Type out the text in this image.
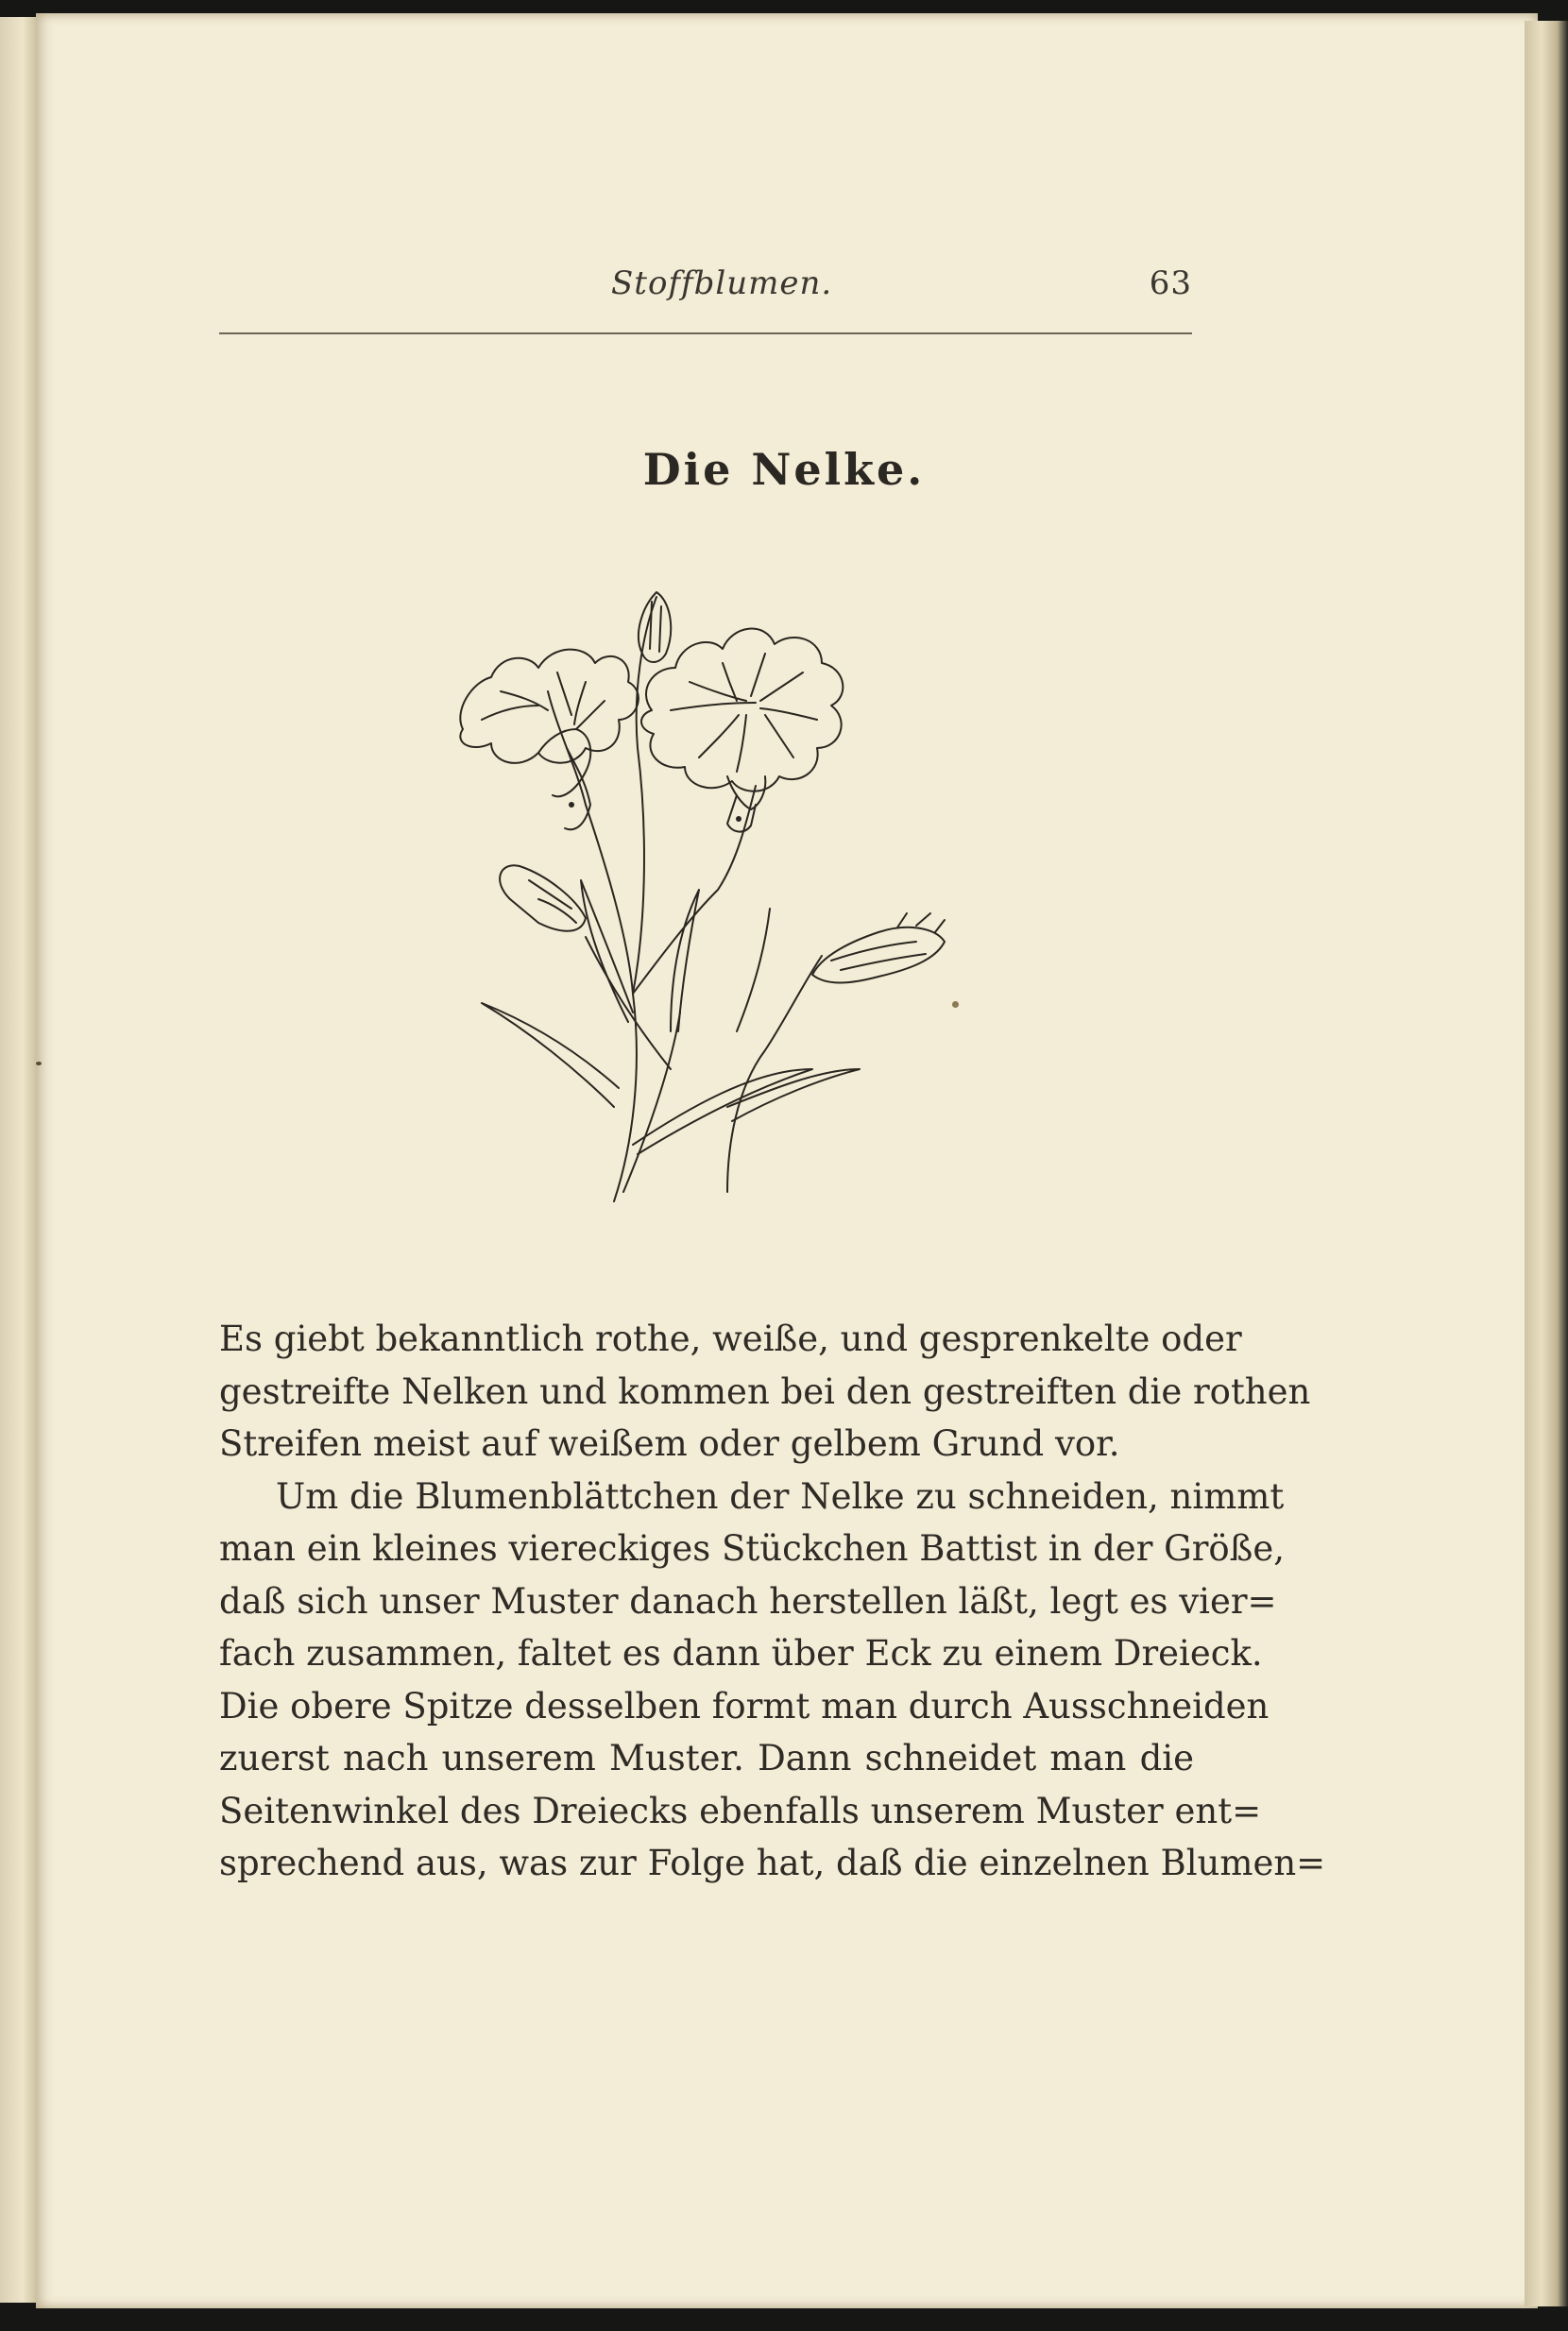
Stoffblumen.	63
Die Nelke.
Es giebt bekanntlich rothe, weiße, und gesprenkelte oder
gestreifte Nelken und kommen bei den gestreiften die rothen
Streifen meist auf weißem oder gelbem Grund vor.
Um die Blumenblättchen der Nelke zu schneiden, nimmt
man ein kleines viereckiges Stückchen Battist in der Größe,
daß sich unser Muster danach herstellen läßt, legt es vier=
fach zusammen, faltet es dann über Eck zu einem Dreieck.
Die obere Spitze desselben formt man durch Ausschneiden
zuerst nach unserem Muster. Dann schneidet man die
Seitenwinkel des Dreiecks ebenfalls unserem Muster ent=
sprechend aus, was zur Folge hat, daß die einzelnen Blumen=
